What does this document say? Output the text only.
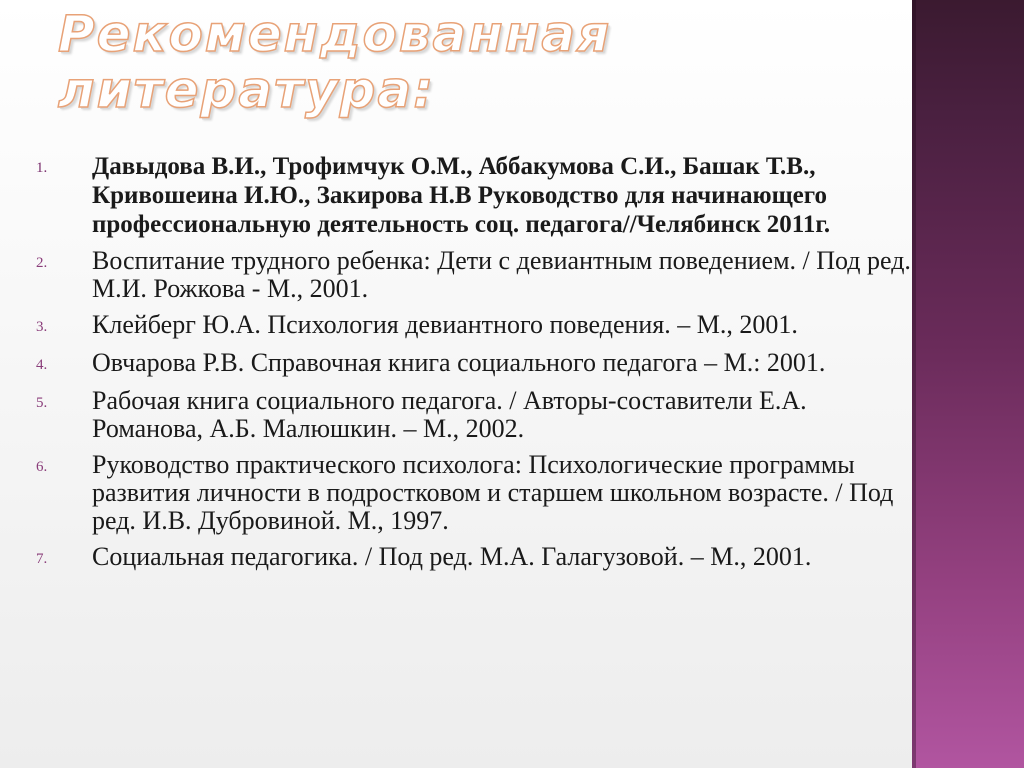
Рекомендованная
литература:
1.	Давыдова В.И., Трофимчук О.М., Аббакумова С.И., Башак Т.В., Кривошеина И.Ю., Закирова Н.В Руководство для начинающего профессиональную деятельность соц. педагога//Челябинск 2011г.
2.	Воспитание трудного ребенка: Дети с девиантным поведением. / Под ред. М.И. Рожкова - М., 2001.
3.	Клейберг Ю.А. Психология девиантного поведения. – М., 2001.
4.	Овчарова Р.В. Справочная книга социального педагога – М.: 2001.
5.	Рабочая книга социального педагога. / Авторы-составители Е.А. Романова, А.Б. Малюшкин. – М., 2002.
6.	Руководство практического психолога: Психологические программы развития личности в подростковом и старшем школьном возрасте. / Под ред. И.В. Дубровиной. М., 1997.
7.	Социальная педагогика. / Под ред. М.А. Галагузовой. – М., 2001.
